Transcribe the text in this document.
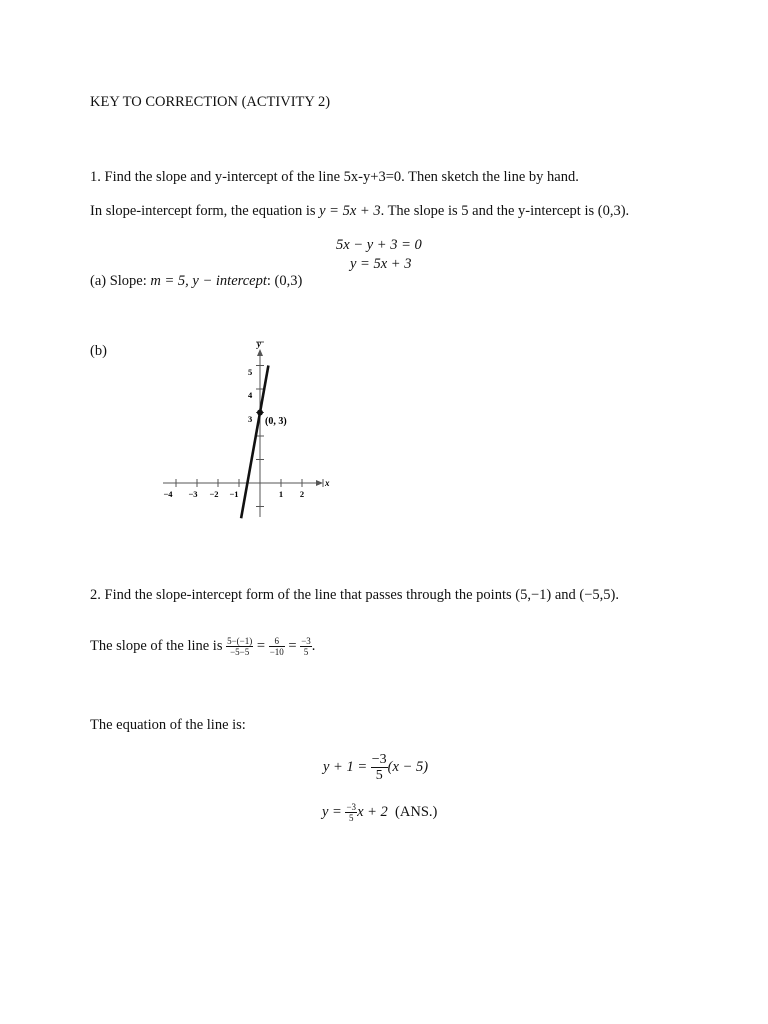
KEY TO CORRECTION (ACTIVITY 2)
1. Find the slope and y-intercept of the line 5x-y+3=0. Then sketch the line by hand.
In slope-intercept form, the equation is y = 5x + 3. The slope is 5 and the y-intercept is (0,3).
5x − y + 3 = 0
y = 5x + 3
(a) Slope: m = 5, y − intercept: (0,3)
(b)	y
x
−4 −3 −2 −1	1 2
3
4
5
(0, 3)
2. Find the slope-intercept form of the line that passes through the points (5,−1) and (−5,5).
The slope of the line is $\frac{5-(-1)}{-5-5} = \frac{6}{-10} = \frac{-3}{5}$ .
The equation of the line is:
$y + 1 = \frac{-3}{5} (x - 5)$
$y = \frac{-3}{5}$ x + 2 (ANS.)
